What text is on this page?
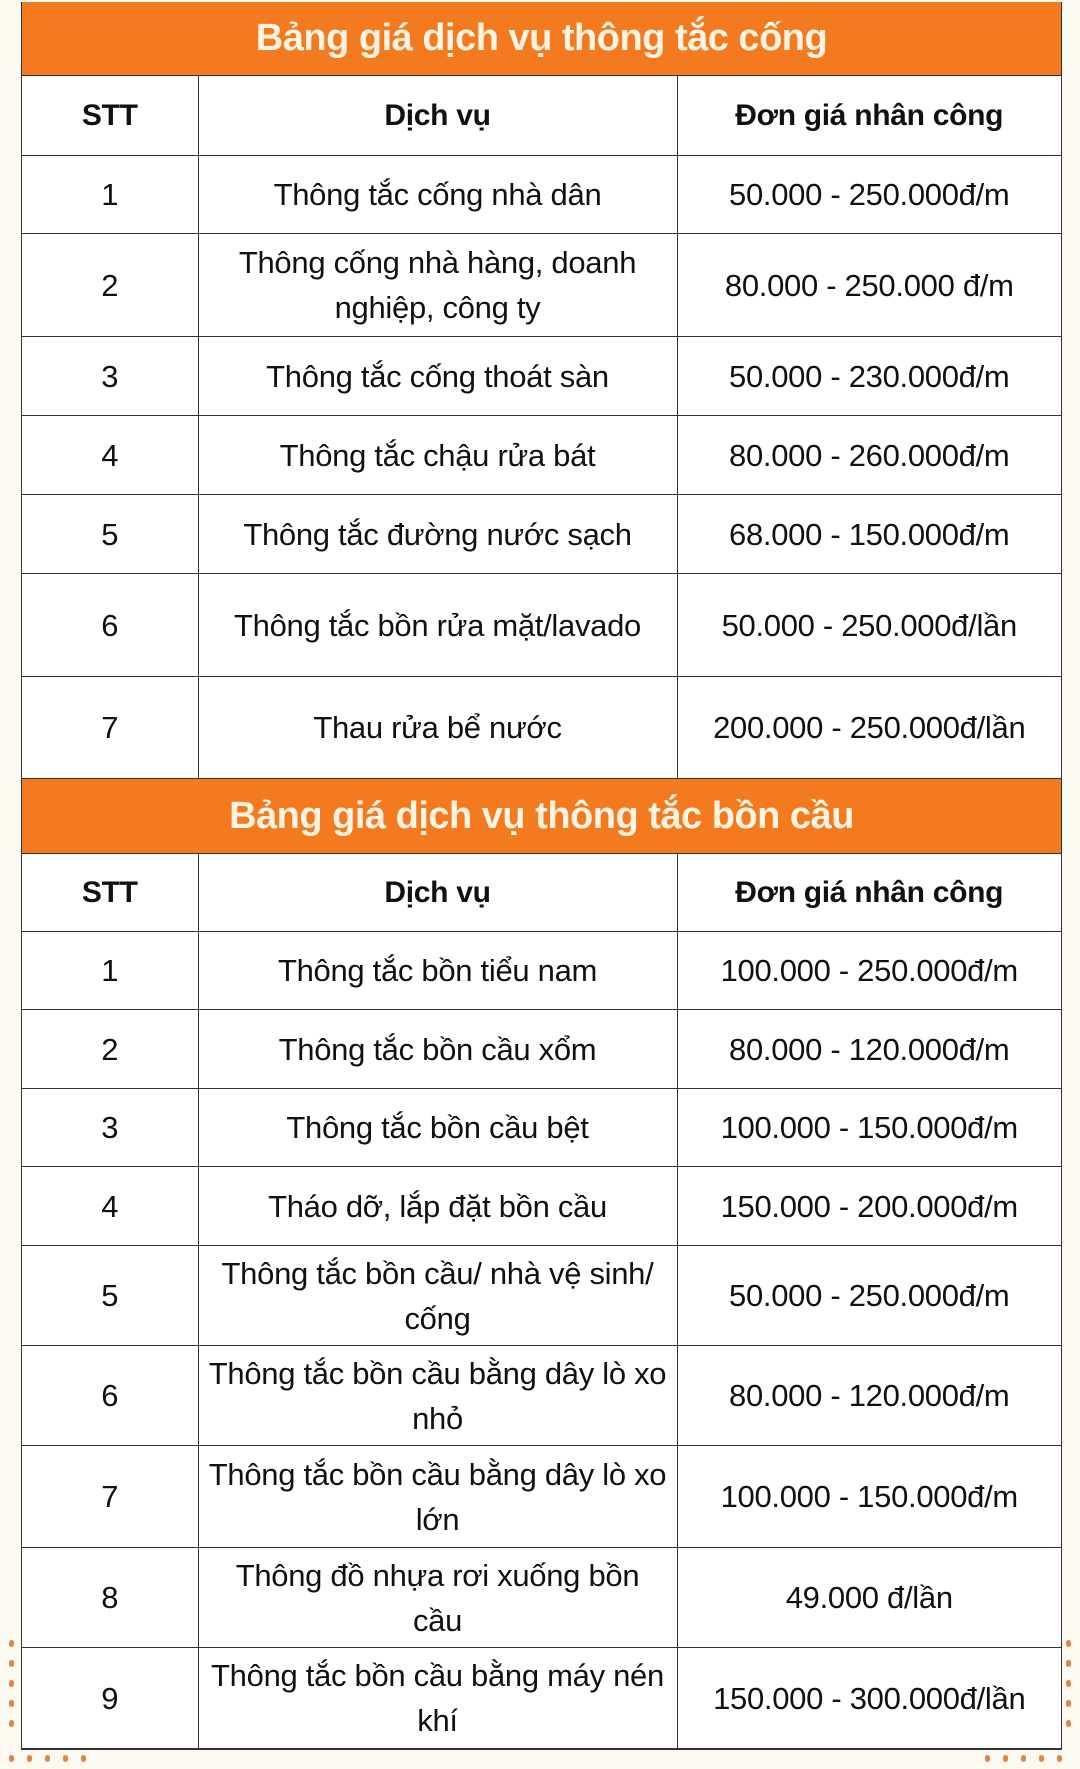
Bảng giá dịch vụ thông tắc cống
STT	Dịch vụ	Đơn giá nhân công
1	Thông tắc cống nhà dân	50.000 - 250.000đ/m
2	Thông cống nhà hàng, doanh nghiệp, công ty	80.000 - 250.000 đ/m
3	Thông tắc cống thoát sàn	50.000 - 230.000đ/m
4	Thông tắc chậu rửa bát	80.000 - 260.000đ/m
5	Thông tắc đường nước sạch	68.000 - 150.000đ/m
6	Thông tắc bồn rửa mặt/lavado	50.000 - 250.000đ/lần
7	Thau rửa bể nước	200.000 - 250.000đ/lần
Bảng giá dịch vụ thông tắc bồn cầu
STT	Dịch vụ	Đơn giá nhân công
1	Thông tắc bồn tiểu nam	100.000 - 250.000đ/m
2	Thông tắc bồn cầu xổm	80.000 - 120.000đ/m
3	Thông tắc bồn cầu bệt	100.000 - 150.000đ/m
4	Tháo dỡ, lắp đặt bồn cầu	150.000 - 200.000đ/m
5	Thông tắc bồn cầu/ nhà vệ sinh/ cống	50.000 - 250.000đ/m
6	Thông tắc bồn cầu bằng dây lò xo nhỏ	80.000 - 120.000đ/m
7	Thông tắc bồn cầu bằng dây lò xo lớn	100.000 - 150.000đ/m
8	Thông đồ nhựa rơi xuống bồn cầu	49.000 đ/lần
9	Thông tắc bồn cầu bằng máy nén khí	150.000 - 300.000đ/lần
